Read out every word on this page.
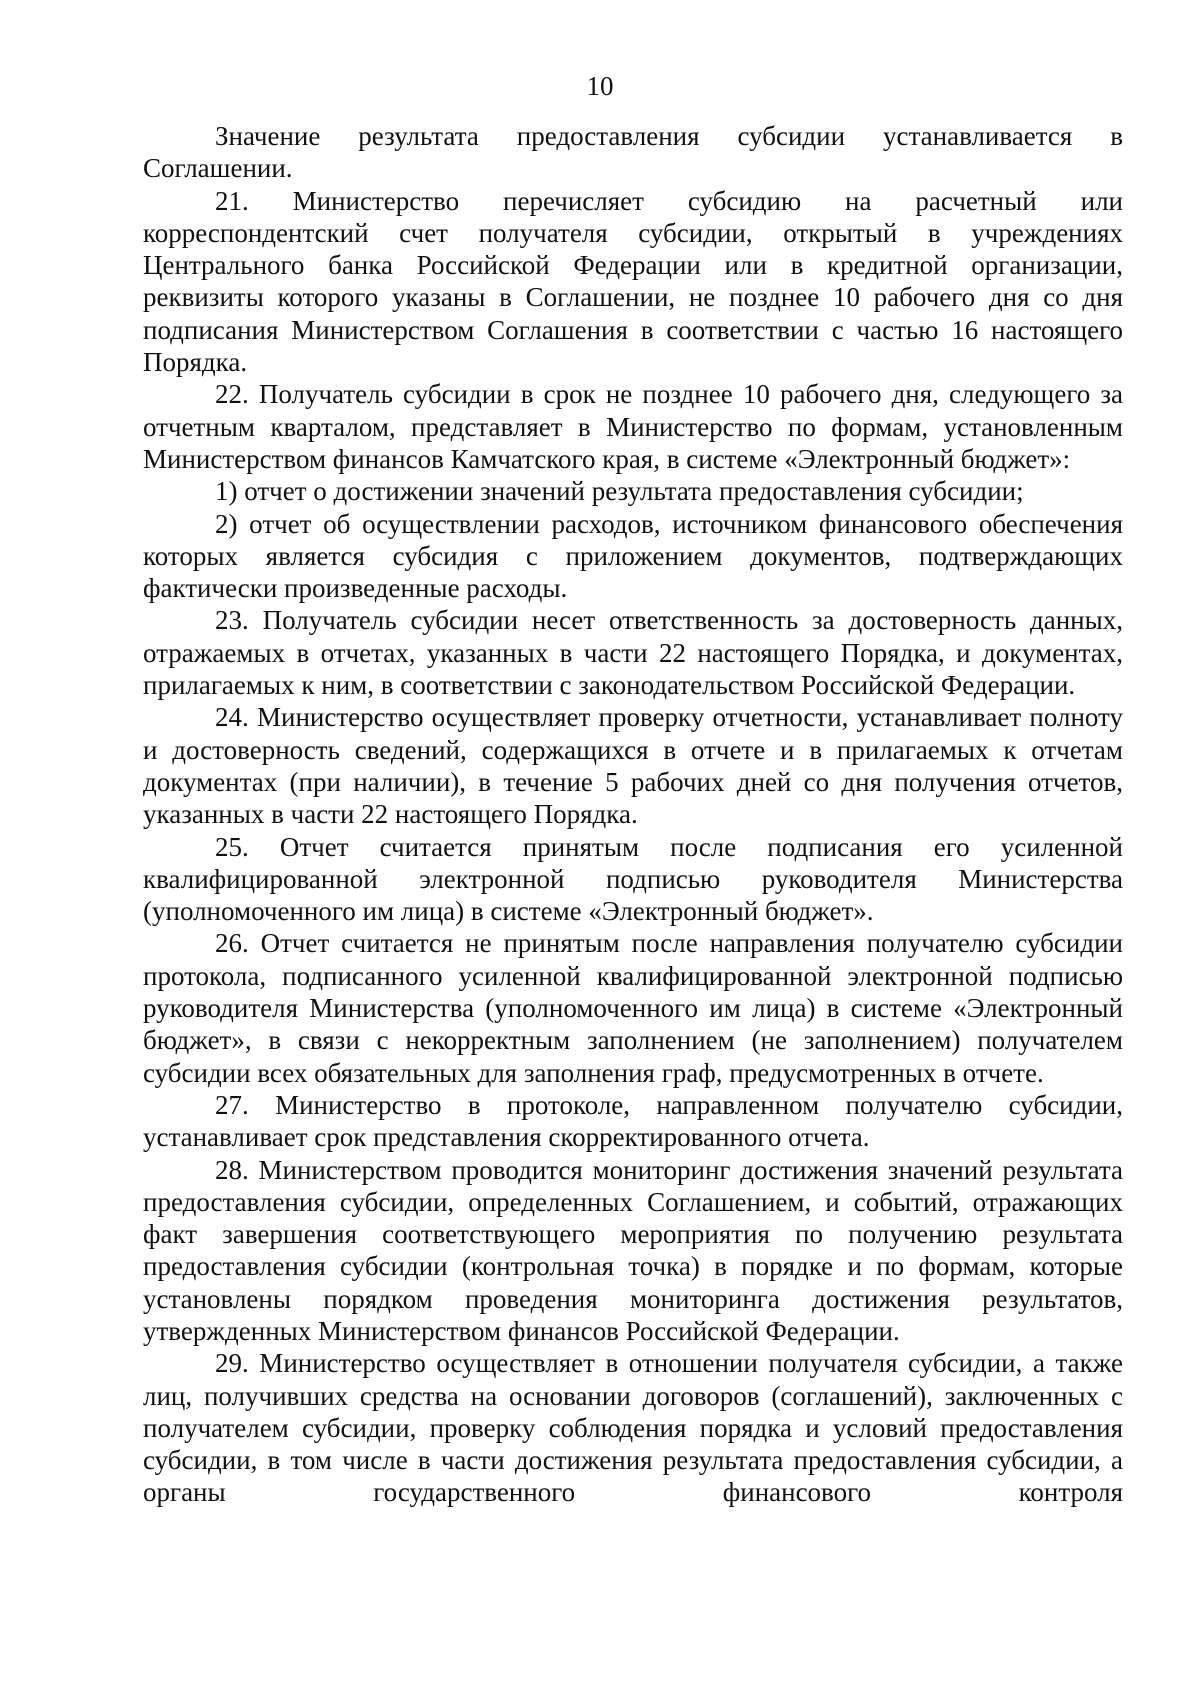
10

Значение результата предоставления субсидии устанавливается в Соглашении.

21. Министерство перечисляет субсидию на расчетный или корреспондентский счет получателя субсидии, открытый в учреждениях Центрального банка Российской Федерации или в кредитной организации, реквизиты которого указаны в Соглашении, не позднее 10 рабочего дня со дня подписания Министерством Соглашения в соответствии с частью 16 настоящего Порядка.

22. Получатель субсидии в срок не позднее 10 рабочего дня, следующего за отчетным кварталом, представляет в Министерство по формам, установленным Министерством финансов Камчатского края, в системе «Электронный бюджет»:

1) отчет о достижении значений результата предоставления субсидии;

2) отчет об осуществлении расходов, источником финансового обеспечения которых является субсидия с приложением документов, подтверждающих фактически произведенные расходы.

23. Получатель субсидии несет ответственность за достоверность данных, отражаемых в отчетах, указанных в части 22 настоящего Порядка, и документах, прилагаемых к ним, в соответствии с законодательством Российской Федерации.

24. Министерство осуществляет проверку отчетности, устанавливает полноту и достоверность сведений, содержащихся в отчете и в прилагаемых к отчетам документах (при наличии), в течение 5 рабочих дней со дня получения отчетов, указанных в части 22 настоящего Порядка.

25. Отчет считается принятым после подписания его усиленной квалифицированной электронной подписью руководителя Министерства (уполномоченного им лица) в системе «Электронный бюджет».

26. Отчет считается не принятым после направления получателю субсидии протокола, подписанного усиленной квалифицированной электронной подписью руководителя Министерства (уполномоченного им лица) в системе «Электронный бюджет», в связи с некорректным заполнением (не заполнением) получателем субсидии всех обязательных для заполнения граф, предусмотренных в отчете.

27. Министерство в протоколе, направленном получателю субсидии, устанавливает срок представления скорректированного отчета.

28. Министерством проводится мониторинг достижения значений результата предоставления субсидии, определенных Соглашением, и событий, отражающих факт завершения соответствующего мероприятия по получению результата предоставления субсидии (контрольная точка) в порядке и по формам, которые установлены порядком проведения мониторинга достижения результатов, утвержденных Министерством финансов Российской Федерации.

29. Министерство осуществляет в отношении получателя субсидии, а также лиц, получивших средства на основании договоров (соглашений), заключенных с получателем субсидии, проверку соблюдения порядка и условий предоставления субсидии, в том числе в части достижения результата предоставления субсидии, а органы государственного финансового контроля
